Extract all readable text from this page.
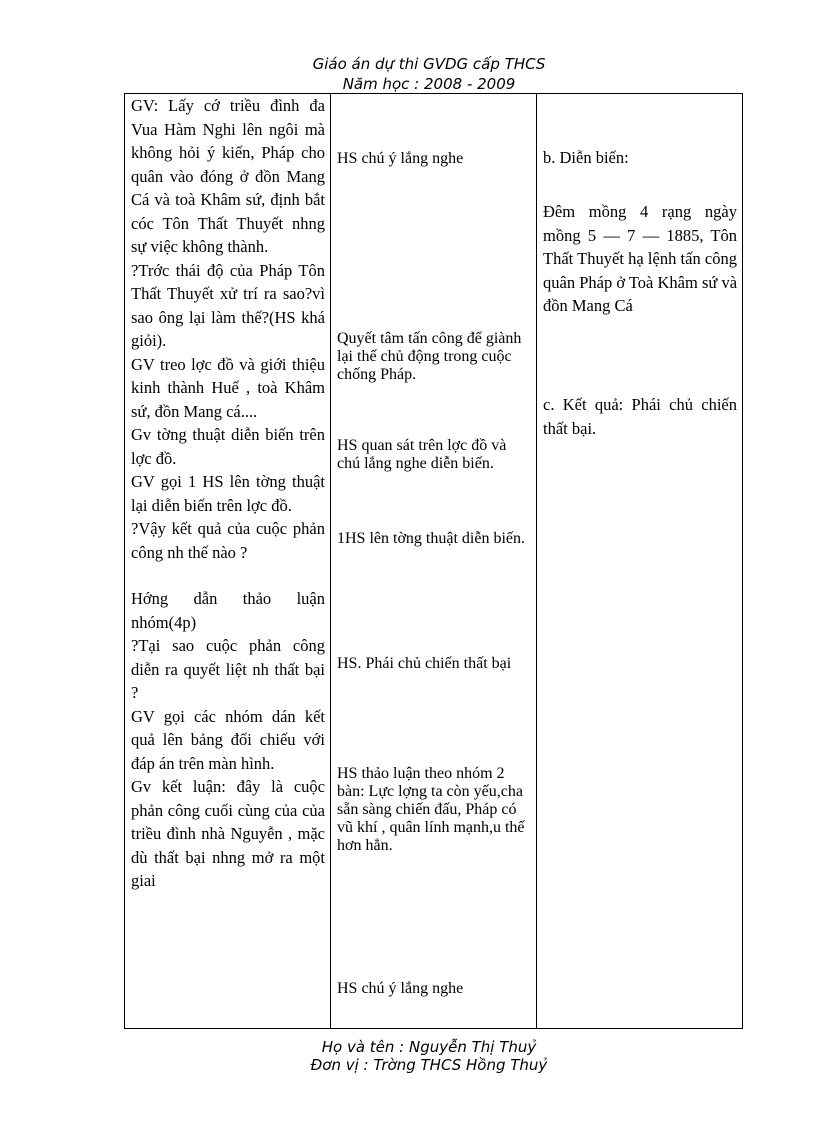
Giáo án dự thi GVDG cấp THCS
Năm học : 2008 - 2009

GV: Lấy cớ triều đình đa Vua Hàm Nghi lên ngôi mà không hỏi ý kiến, Pháp cho quân vào đóng ở đồn Mang Cá và toà Khâm sứ, định bắt cóc Tôn Thất Thuyết nhng sự việc không thành.

?Trớc thái độ của Pháp Tôn Thất Thuyết xử trí ra sao?vì sao ông lại làm thế?(HS khá giỏi).

GV treo lợc đồ và giới thiệu kinh thành Huế , toà Khâm sứ, đồn Mang cá....

Gv tờng thuật diễn biến trên lợc đồ.

GV gọi 1 HS lên tờng thuật lại diễn biến trên lợc đồ.

?Vậy kết quả của cuộc phản công nh thế nào ?

Hớng dẫn thảo luận nhóm(4p)

?Tại sao cuộc phản công diễn ra quyết liệt nh thất bại ?

GV gọi các nhóm dán kết quả lên bảng đối chiếu với đáp án trên màn hình.

Gv kết luận: đây là cuộc phản công cuối cùng của của triều đình nhà Nguyễn , mặc dù thất bại nhng mở ra một giai

HS chú ý lắng nghe
Quyết tâm tấn công để giành lại thế chủ động trong cuộc chống Pháp.
HS quan sát trên lợc đồ và chú lắng nghe diễn biến.
1HS lên tờng thuật diễn biến.
HS. Phái chủ chiến thất bại
HS thảo luận theo nhóm 2 bàn: Lực lợng ta còn yếu,cha sẵn sàng chiến đấu, Pháp có vũ khí , quân lính mạnh,u thế hơn hẳn.
HS chú ý lắng nghe
b. Diễn biến:
Đêm mồng 4 rạng ngày mồng 5 — 7 — 1885, Tôn Thất Thuyết hạ lệnh tấn công quân Pháp ở Toà Khâm sứ và đồn Mang Cá
c. Kết quả: Phái chủ chiến thất bại.
Họ và tên : Nguyễn Thị Thuỷ
Đơn vị : Trờng THCS Hồng Thuỷ
